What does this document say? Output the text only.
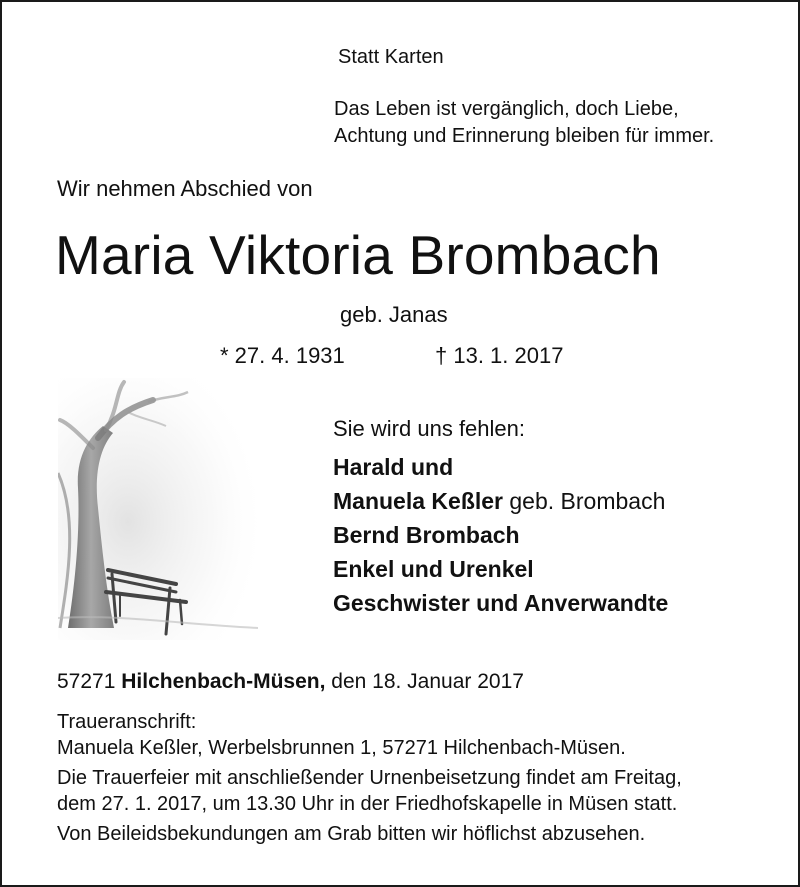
Statt Karten
Das Leben ist vergänglich, doch Liebe,
Achtung und Erinnerung bleiben für immer.
Wir nehmen Abschied von
Maria Viktoria Brombach
geb. Janas
* 27. 4. 1931	† 13. 1. 2017
Sie wird uns fehlen:
Harald und
Manuela Keßler geb. Brombach
Bernd Brombach
Enkel und Urenkel
Geschwister und Anverwandte
57271 Hilchenbach-Müsen, den 18. Januar 2017
Traueranschrift:
Manuela Keßler, Werbelsbrunnen 1, 57271 Hilchenbach-Müsen.
Die Trauerfeier mit anschließender Urnenbeisetzung findet am Freitag,
dem 27. 1. 2017, um 13.30 Uhr in der Friedhofskapelle in Müsen statt.
Von Beileidsbekundungen am Grab bitten wir höflichst abzusehen.
